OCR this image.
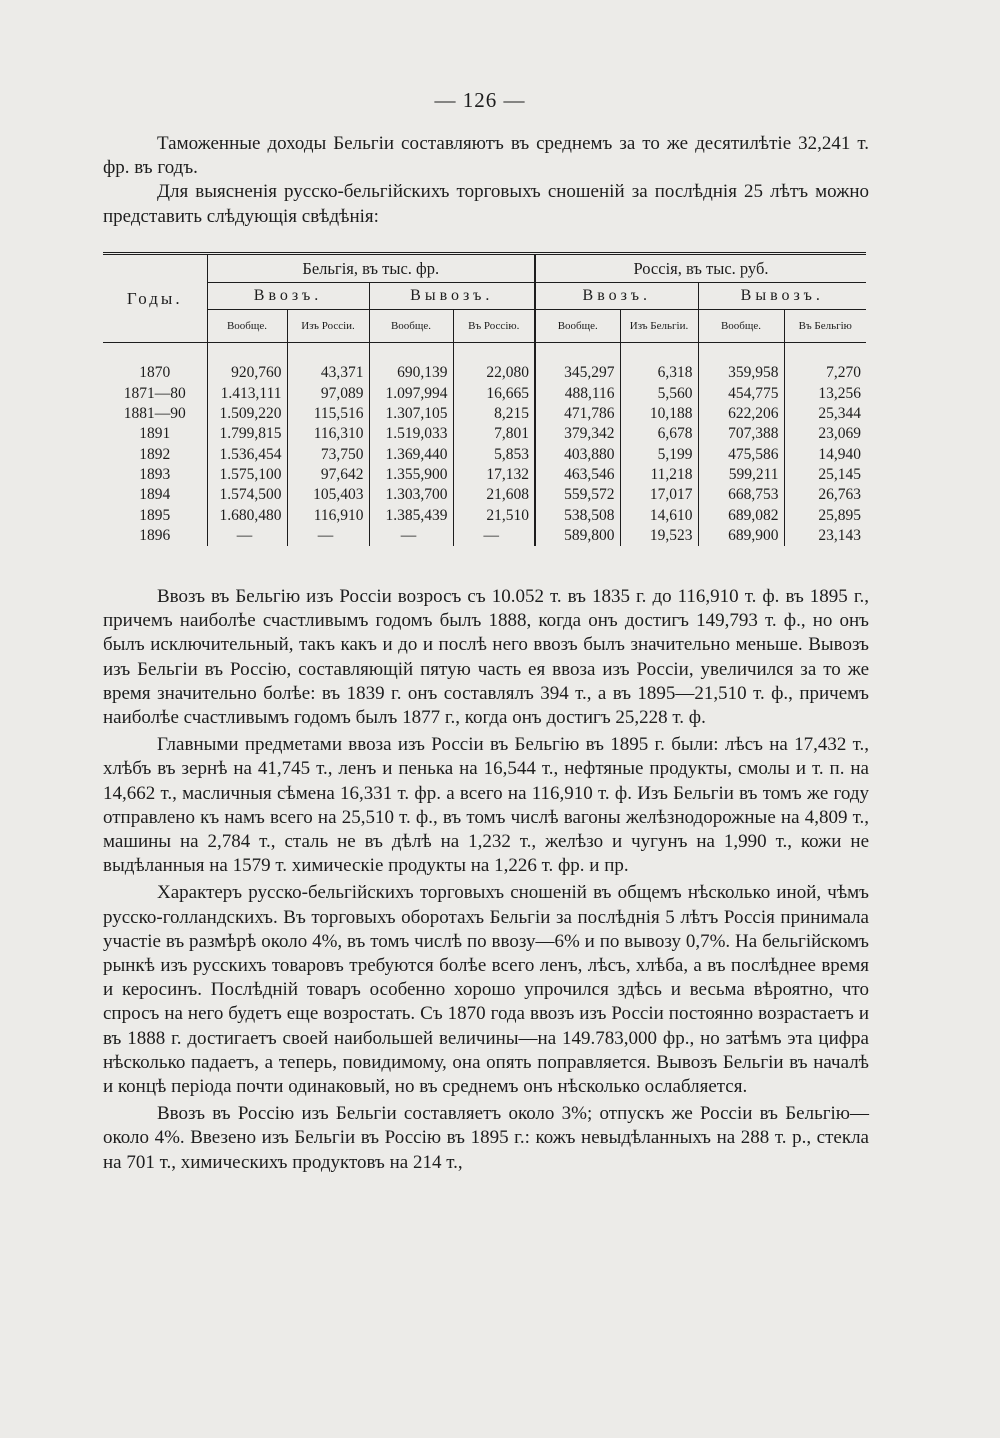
— 126 —

Таможенные доходы Бельгіи составляютъ въ среднемъ за то же десятилѣтіе 32,241 т. фр. въ годъ.

Для выясненія русско-бельгійскихъ торговыхъ сношеній за послѣднія 25 лѣтъ можно представить слѣдующія свѣдѣнія:

Годы.	Бельгія, въ тыс. фр.				Россія, въ тыс. руб.			
	Ввозъ.		Вывозъ.		Ввозъ.		Вывозъ.	
	Вообще.	Изъ Россіи.	Вообще.	Въ Россію.	Вообще.	Изъ Бельгіи.	Вообще.	Въ Бельгію

1870	920,760	43,371	690,139	22,080	345,297	6,318	359,958	7,270
1871—80	1.413,111	97,089	1.097,994	16,665	488,116	5,560	454,775	13,256
1881—90	1.509,220	115,516	1.307,105	8,215	471,786	10,188	622,206	25,344
1891	1.799,815	116,310	1.519,033	7,801	379,342	6,678	707,388	23,069
1892	1.536,454	73,750	1.369,440	5,853	403,880	5,199	475,586	14,940
1893	1.575,100	97,642	1.355,900	17,132	463,546	11,218	599,211	25,145
1894	1.574,500	105,403	1.303,700	21,608	559,572	17,017	668,753	26,763
1895	1.680,480	116,910	1.385,439	21,510	538,508	14,610	689,082	25,895
1896	—	—	—	—	589,800	19,523	689,900	23,143

Ввозъ въ Бельгію изъ Россіи возросъ съ 10.052 т. въ 1835 г. до 116,910 т. ф. въ 1895 г., причемъ наиболѣе счастливымъ годомъ былъ 1888, когда онъ достигъ 149,793 т. ф., но онъ былъ исключительный, такъ какъ и до и послѣ него ввозъ былъ значительно меньше. Вывозъ изъ Бельгіи въ Россію, составляющій пятую часть ея ввоза изъ Россіи, увеличился за то же время значительно болѣе: въ 1839 г. онъ составлялъ 394 т., а въ 1895—21,510 т. ф., причемъ наиболѣе счастливымъ годомъ былъ 1877 г., когда онъ достигъ 25,228 т. ф.

Главными предметами ввоза изъ Россіи въ Бельгію въ 1895 г. были: лѣсъ на 17,432 т., хлѣбъ въ зернѣ на 41,745 т., ленъ и пенька на 16,544 т., нефтяные продукты, смолы и т. п. на 14,662 т., масличныя сѣмена 16,331 т. фр. а всего на 116,910 т. ф. Изъ Бельгіи въ томъ же году отправлено къ намъ всего на 25,510 т. ф., въ томъ числѣ вагоны желѣзнодорожные на 4,809 т., машины на 2,784 т., сталь не въ дѣлѣ на 1,232 т., желѣзо и чугунъ на 1,990 т., кожи не выдѣланныя на 1579 т. химическіе продукты на 1,226 т. фр. и пр.

Характеръ русско-бельгійскихъ торговыхъ сношеній въ общемъ нѣсколько иной, чѣмъ русско-голландскихъ. Въ торговыхъ оборотахъ Бельгіи за послѣднія 5 лѣтъ Россія принимала участіе въ размѣрѣ около 4%, въ томъ числѣ по ввозу—6% и по вывозу 0,7%. На бельгійскомъ рынкѣ изъ русскихъ товаровъ требуются болѣе всего ленъ, лѣсъ, хлѣба, а въ послѣднее время и керосинъ. Послѣдній товаръ особенно хорошо упрочился здѣсь и весьма вѣроятно, что спросъ на него будетъ еще возростать. Съ 1870 года ввозъ изъ Россіи постоянно возрастаетъ и въ 1888 г. достигаетъ своей наибольшей величины—на 149.783,000 фр., но затѣмъ эта цифра нѣсколько падаетъ, а теперь, повидимому, она опять поправляется. Вывозъ Бельгіи въ началѣ и концѣ періода почти одинаковый, но въ среднемъ онъ нѣсколько ослабляется.

Ввозъ въ Россію изъ Бельгіи составляетъ около 3%; отпускъ же Россіи въ Бельгію—около 4%. Ввезено изъ Бельгіи въ Россію въ 1895 г.: кожъ невыдѣланныхъ на 288 т. р., стекла на 701 т., химическихъ продуктовъ на 214 т.,
